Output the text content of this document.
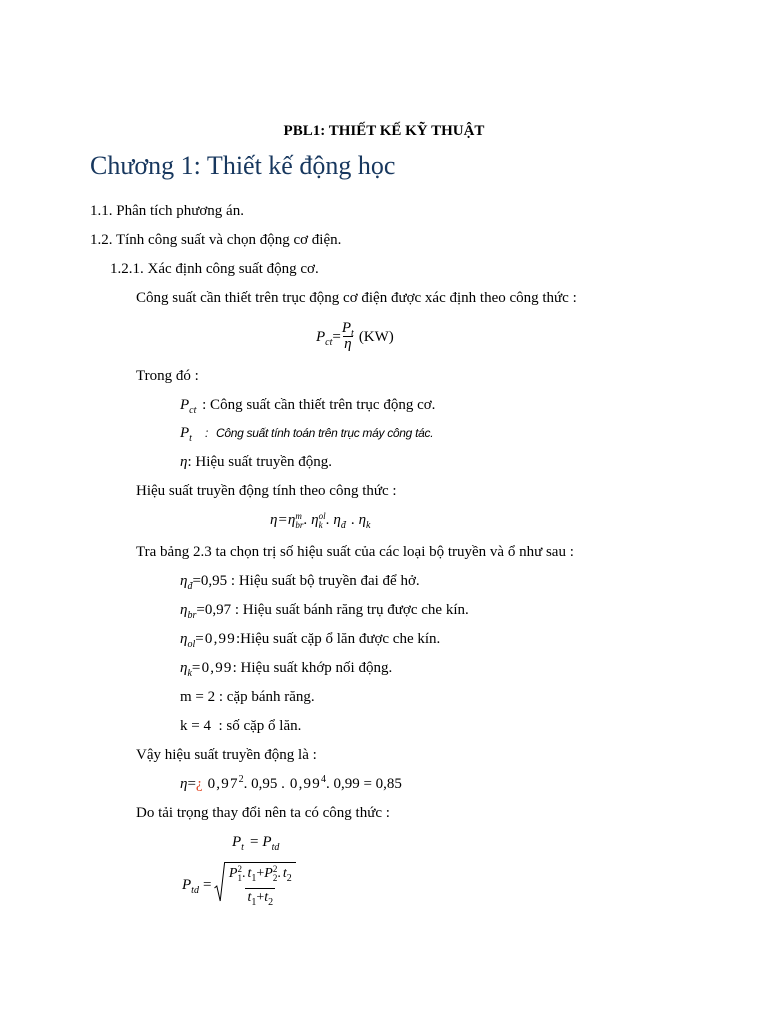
PBL1: THIẾT KẾ KỸ THUẬT
Chương 1: Thiết kế động học
1.1. Phân tích phương án.
1.2. Tính công suất và chọn động cơ điện.
1.2.1. Xác định công suất động cơ.
Công suất cần thiết trên trục động cơ điện được xác định theo công thức :
P ct = $\frac{\text{P t}}{\eta} (KW)$
Trong đó :
P ct : Công suất cần thiết trên trục động cơ.
P t : Công suất tính toán trên trục máy công tác.
η : Hiệu suất truyền động.
Hiệu suất truyền động tính theo công thức :
η = η m
br . η ol
k . η đ . η k
Tra bảng 2.3 ta chọn trị số hiệu suất của các loại bộ truyền và ổ như sau :
η đ =0,95 : Hiệu suất bộ truyền đai để hở.
η br =0,97 : Hiệu suất bánh răng trụ được che kín.
η ol =0,99 :Hiệu suất cặp ổ lăn được che kín.
η k =0,99 : Hiệu suất khớp nối động.
m = 2 : cặp bánh răng.
k = 4  : số cặp ổ lăn.
Vậy hiệu suất truyền động là :
η = ¿ 0,97 2 . 0,95 . 0,99 4 . 0,99 = 0,85
Do tải trọng thay đổi nên ta có công thức :
P t = P td
P td =
P 2
1 . t 1 + P 2
2 . t 2
t 1 + t 2
